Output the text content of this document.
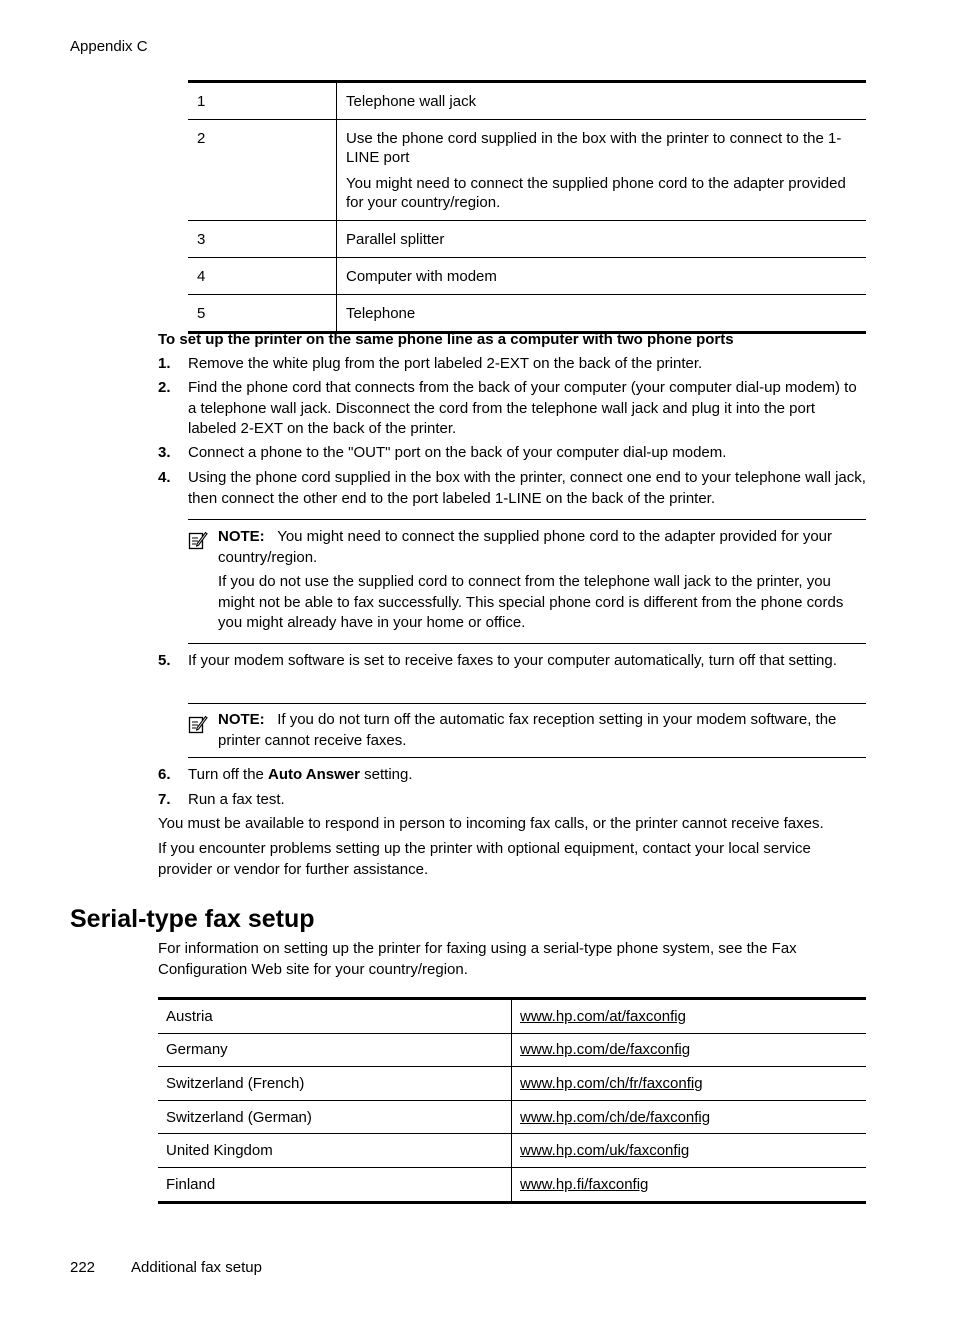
Appendix C
1	Telephone wall jack

2	Use the phone cord supplied in the box with the printer to connect to the 1-LINE port

You might need to connect the supplied phone cord to the adapter provided for your country/region.

3	Parallel splitter

4	Computer with modem

5	Telephone

To set up the printer on the same phone line as a computer with two phone ports
1. Remove the white plug from the port labeled 2-EXT on the back of the printer.
2. Find the phone cord that connects from the back of your computer (your computer dial-up modem) to a telephone wall jack. Disconnect the cord from the telephone wall jack and plug it into the port labeled 2-EXT on the back of the printer.
3. Connect a phone to the "OUT" port on the back of your computer dial-up modem.
4. Using the phone cord supplied in the box with the printer, connect one end to your telephone wall jack, then connect the other end to the port labeled 1-LINE on the back of the printer.

NOTE: You might need to connect the supplied phone cord to the adapter provided for your country/region.

If you do not use the supplied cord to connect from the telephone wall jack to the printer, you might not be able to fax successfully. This special phone cord is different from the phone cords you might already have in your home or office.

5. If your modem software is set to receive faxes to your computer automatically, turn off that setting.

NOTE: If you do not turn off the automatic fax reception setting in your modem software, the printer cannot receive faxes.

6. Turn off the Auto Answer setting.
7. Run a fax test.
You must be available to respond in person to incoming fax calls, or the printer cannot receive faxes.
If you encounter problems setting up the printer with optional equipment, contact your local service provider or vendor for further assistance.
Serial-type fax setup
For information on setting up the printer for faxing using a serial-type phone system, see the Fax Configuration Web site for your country/region.
Austria	www.hp.com/at/faxconfig
Germany	www.hp.com/de/faxconfig
Switzerland (French)	www.hp.com/ch/fr/faxconfig
Switzerland (German)	www.hp.com/ch/de/faxconfig
United Kingdom	www.hp.com/uk/faxconfig
Finland	www.hp.fi/faxconfig
222 Additional fax setup
